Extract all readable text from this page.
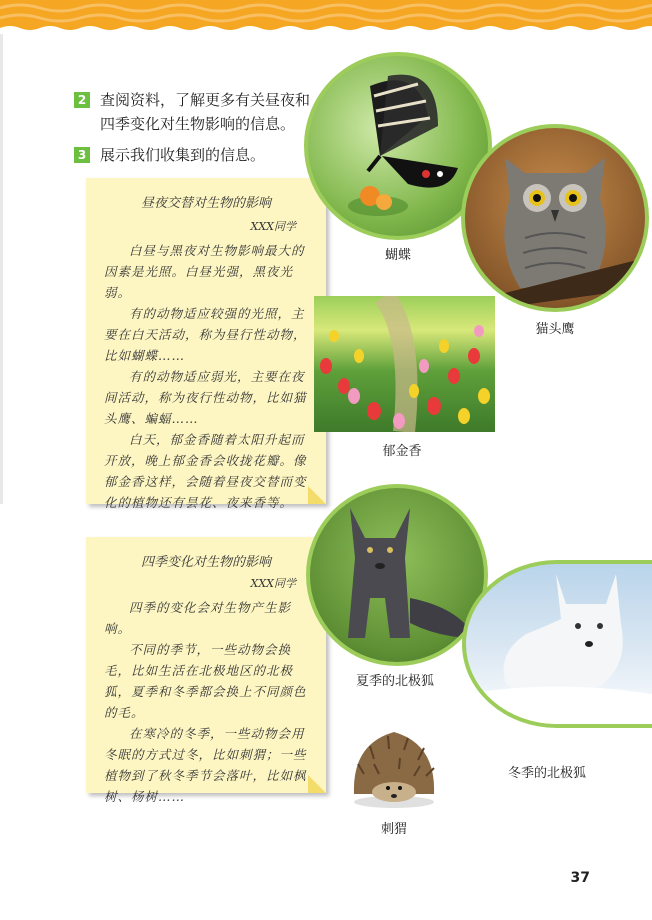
2 查阅资料，了解更多有关昼夜和
四季变化对生物影响的信息。
3 展示我们收集到的信息。
昼夜交替对生物的影响
XXX同学

白昼与黑夜对生物影响最大的因素是光照。白昼光强，黑夜光弱。

有的动物适应较强的光照，主要在白天活动，称为昼行性动物，比如蝴蝶……

有的动物适应弱光，主要在夜间活动，称为夜行性动物，比如猫头鹰、蝙蝠……

白天，郁金香随着太阳升起而开放，晚上郁金香会收拢花瓣。像郁金香这样，会随着昼夜交替而变化的植物还有昙花、夜来香等。

四季变化对生物的影响
XXX同学

四季的变化会对生物产生影响。

不同的季节，一些动物会换毛，比如生活在北极地区的北极狐，夏季和冬季都会换上不同颜色的毛。

在寒冷的冬季，一些动物会用冬眠的方式过冬，比如刺猬；一些植物到了秋冬季节会落叶，比如枫树、杨树……

蝴蝶
猫头鹰
郁金香
夏季的北极狐
冬季的北极狐
刺猬
37
